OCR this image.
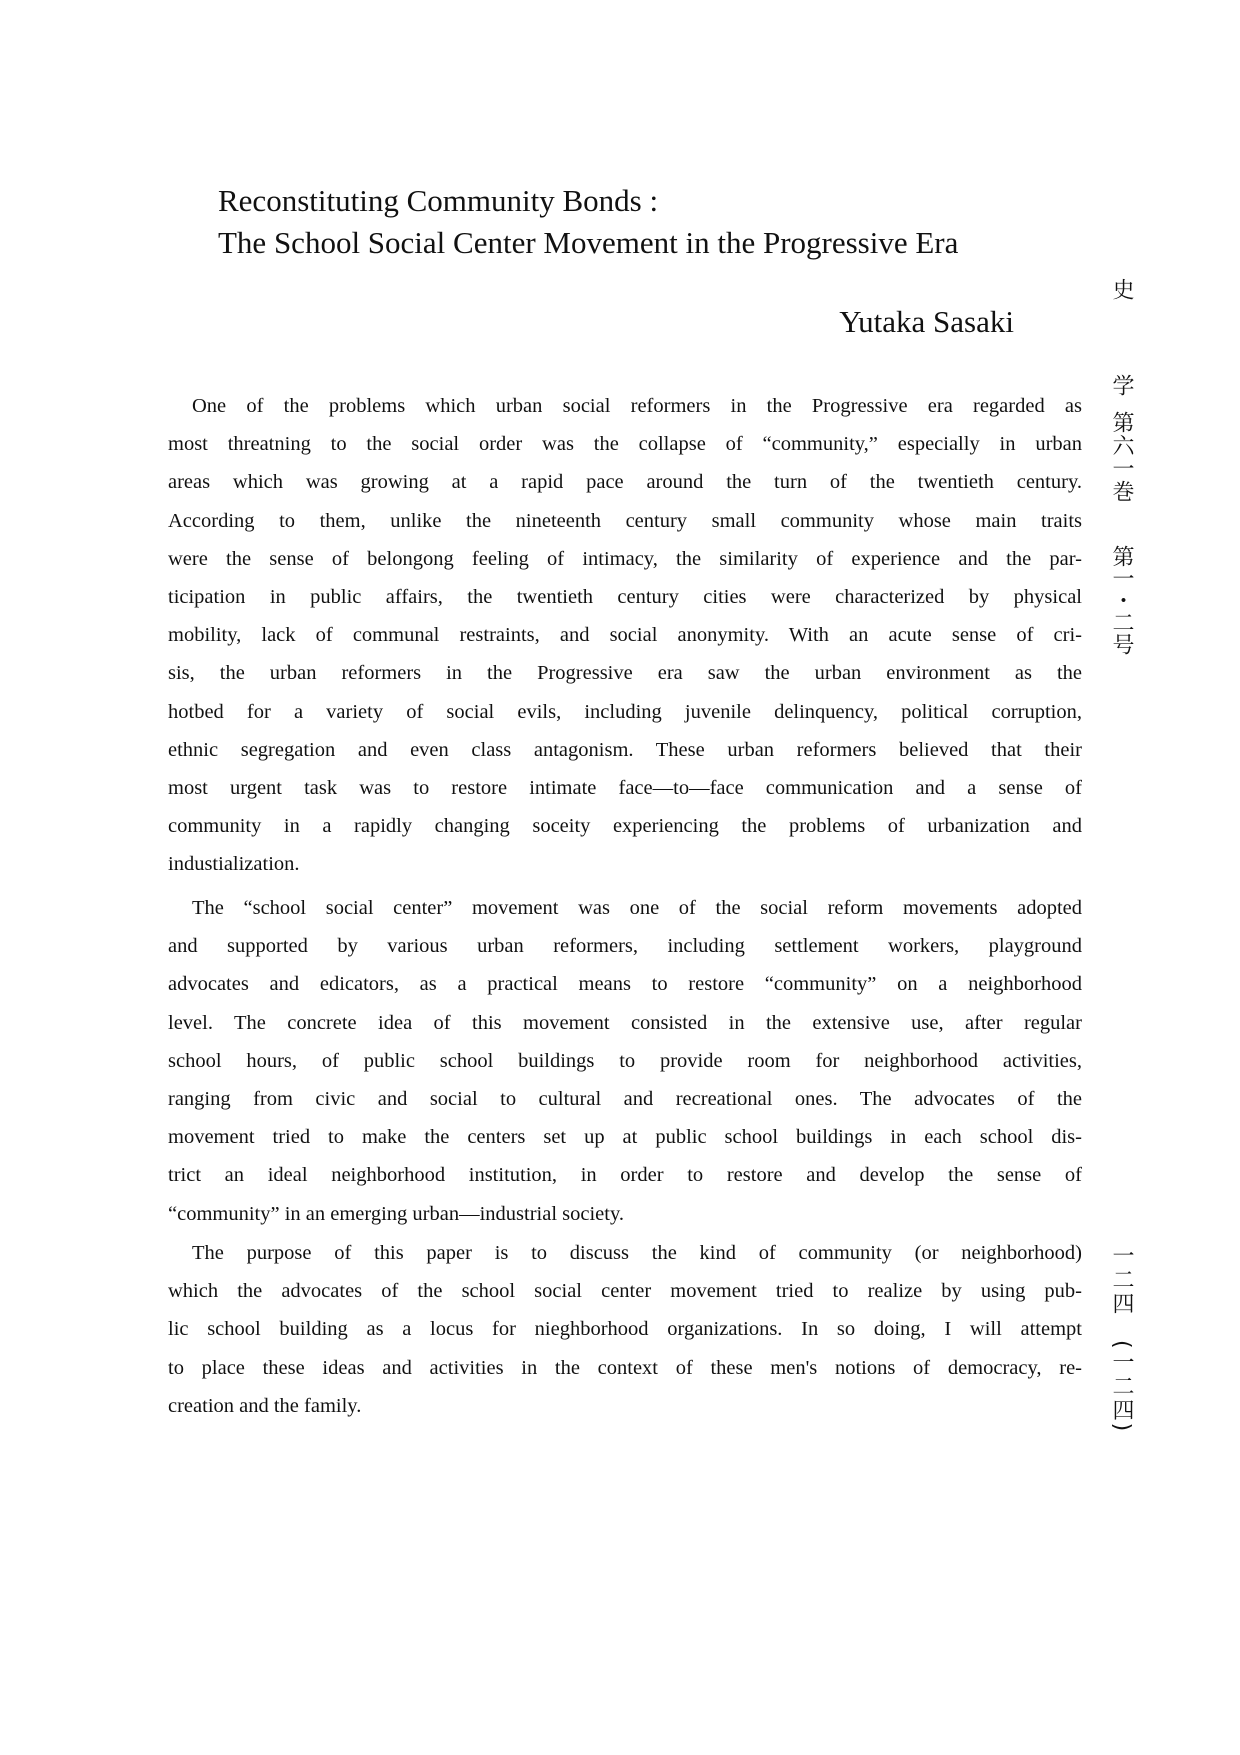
Reconstituting Community Bonds :
The School Social Center Movement in the Progressive Era
Yutaka Sasaki
One of the problems which urban social reformers in the Progressive era regarded as
most threatning to the social order was the collapse of “community,” especially in urban
areas which was growing at a rapid pace around the turn of the twentieth century.
According to them, unlike the nineteenth century small community whose main traits
were the sense of belongong feeling of intimacy, the similarity of experience and the par-
ticipation in public affairs, the twentieth century cities were characterized by physical
mobility, lack of communal restraints, and social anonymity. With an acute sense of cri-
sis, the urban reformers in the Progressive era saw the urban environment as the
hotbed for a variety of social evils, including juvenile delinquency, political corruption,
ethnic segregation and even class antagonism. These urban reformers believed that their
most urgent task was to restore intimate face—to—face communication and a sense of
community in a rapidly changing soceity experiencing the problems of urbanization and
industialization.
The “school social center” movement was one of the social reform movements adopted
and supported by various urban reformers, including settlement workers, playground
advocates and edicators, as a practical means to restore “community” on a neighborhood
level. The concrete idea of this movement consisted in the extensive use, after regular
school hours, of public school buildings to provide room for neighborhood activities,
ranging from civic and social to cultural and recreational ones. The advocates of the
movement tried to make the centers set up at public school buildings in each school dis-
trict an ideal neighborhood institution, in order to restore and develop the sense of
“community” in an emerging urban—industrial society.
The purpose of this paper is to discuss the kind of community (or neighborhood)
which the advocates of the school social center movement tried to realize by using pub-
lic school building as a locus for nieghborhood organizations. In so doing, I will attempt
to place these ideas and activities in the context of these men's notions of democracy, re-
creation and the family.
史
学第六一巻
第一・二号
一二四
(一二四)
